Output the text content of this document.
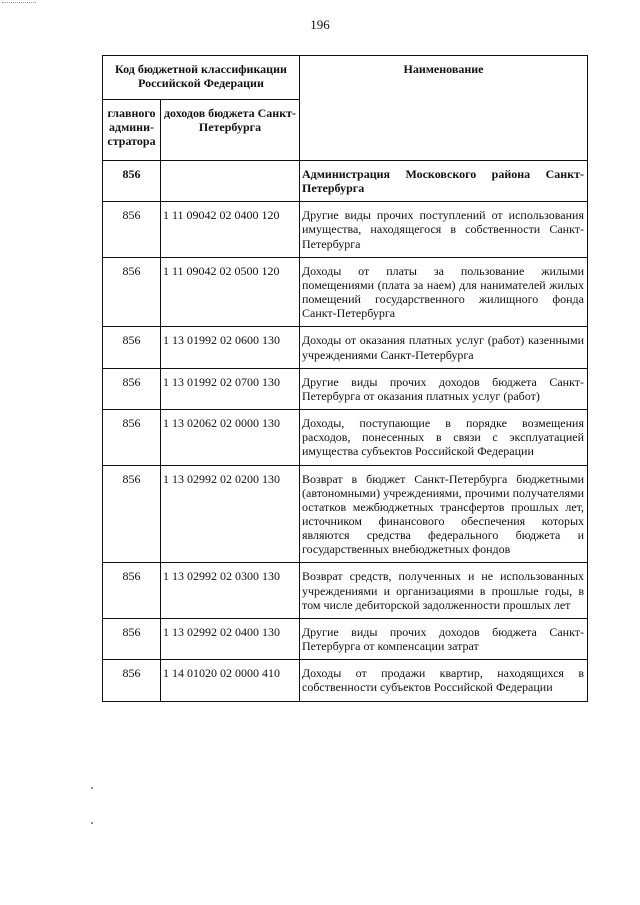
196
Код бюджетной классификации Российской Федерации		Наименование
главного админи-стратора	доходов бюджета Санкт-Петербурга	
856		Администрация Московского района Санкт-Петербурга
856	1 11 09042 02 0400 120	Другие виды прочих поступлений от использования имущества, находящегося в собственности Санкт-Петербурга
856	1 11 09042 02 0500 120	Доходы от платы за пользование жилыми помещениями (плата за наем) для нанимателей жилых помещений государственного жилищного фонда Санкт-Петербурга
856	1 13 01992 02 0600 130	Доходы от оказания платных услуг (работ) казенными учреждениями Санкт-Петербурга
856	1 13 01992 02 0700 130	Другие виды прочих доходов бюджета Санкт-Петербурга от оказания платных услуг (работ)
856	1 13 02062 02 0000 130	Доходы, поступающие в порядке возмещения расходов, понесенных в связи с эксплуатацией имущества субъектов Российской Федерации
856	1 13 02992 02 0200 130	Возврат в бюджет Санкт-Петербурга бюджетными (автономными) учреждениями, прочими получателями остатков межбюджетных трансфертов прошлых лет, источником финансового обеспечения которых являются средства федерального бюджета и государственных внебюджетных фондов
856	1 13 02992 02 0300 130	Возврат средств, полученных и не использованных учреждениями и организациями в прошлые годы, в том числе дебиторской задолженности прошлых лет
856	1 13 02992 02 0400 130	Другие виды прочих доходов бюджета Санкт-Петербурга от компенсации затрат
856	1 14 01020 02 0000 410	Доходы от продажи квартир, находящихся в собственности субъектов Российской Федерации
